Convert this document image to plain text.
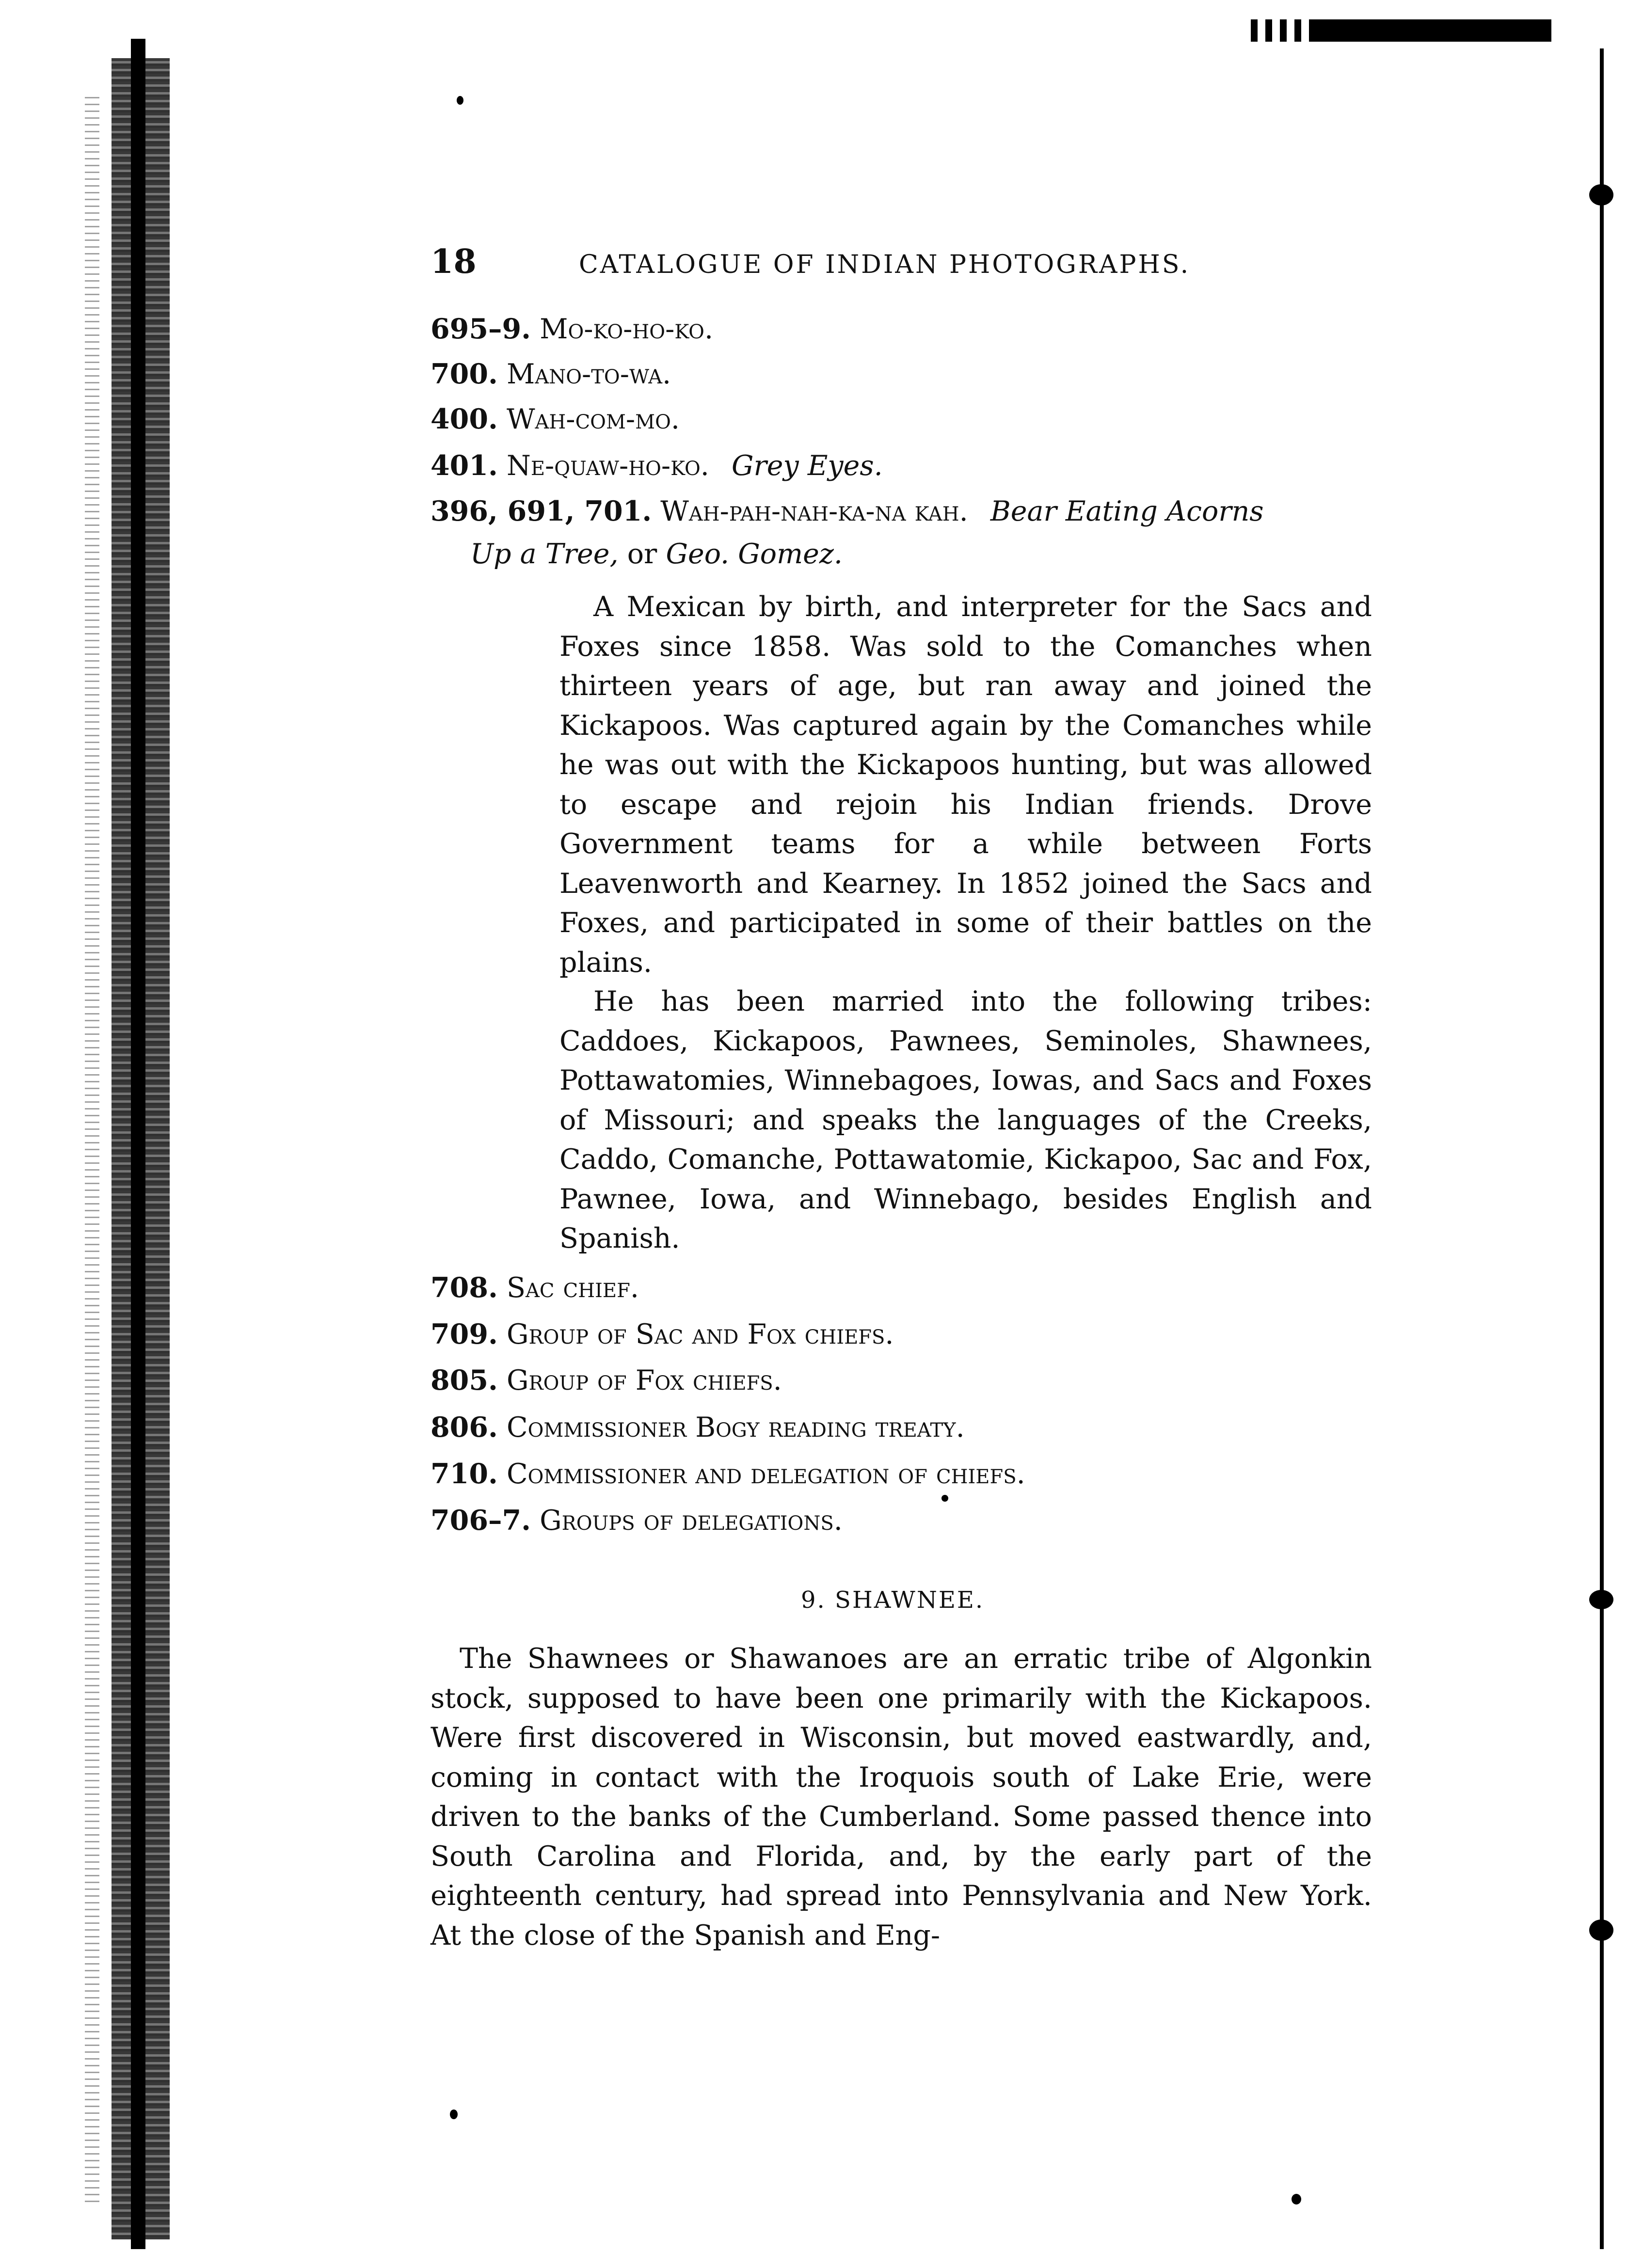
18	CATALOGUE OF INDIAN PHOTOGRAPHS.
695–9. Mo-ko-ho-ko.
700. Mano-to-wa.
400. Wah-com-mo.
401. Ne-quaw-ho-ko. Grey Eyes.
396, 691, 701. Wah-pah-nah-ka-na kah. Bear Eating Acorns
Up a Tree, or Geo. Gomez.

A Mexican by birth, and interpreter for the Sacs and Foxes since 1858. Was sold to the Comanches when thirteen years of age, but ran away and joined the Kickapoos. Was captured again by the Comanches while he was out with the Kickapoos hunting, but was allowed to escape and rejoin his Indian friends. Drove Government teams for a while between Forts Leavenworth and Kearney. In 1852 joined the Sacs and Foxes, and participated in some of their battles on the plains.

He has been married into the following tribes: Caddoes, Kickapoos, Pawnees, Seminoles, Shawnees, Pottawatomies, Winnebagoes, Iowas, and Sacs and Foxes of Missouri; and speaks the languages of the Creeks, Caddo, Comanche, Pottawatomie, Kickapoo, Sac and Fox, Pawnee, Iowa, and Winnebago, besides English and Spanish.

708. Sac chief.
709. Group of Sac and Fox chiefs.
805. Group of Fox chiefs.
806. Commissioner Bogy reading treaty.
710. Commissioner and delegation of chiefs.
706–7. Groups of delegations.
9. SHAWNEE.

The Shawnees or Shawanoes are an erratic tribe of Algonkin stock, supposed to have been one primarily with the Kickapoos. Were first discovered in Wisconsin, but moved eastwardly, and, coming in contact with the Iroquois south of Lake Erie, were driven to the banks of the Cumberland. Some passed thence into South Carolina and Florida, and, by the early part of the eighteenth century, had spread into Pennsylvania and New York. At the close of the Spanish and Eng-
